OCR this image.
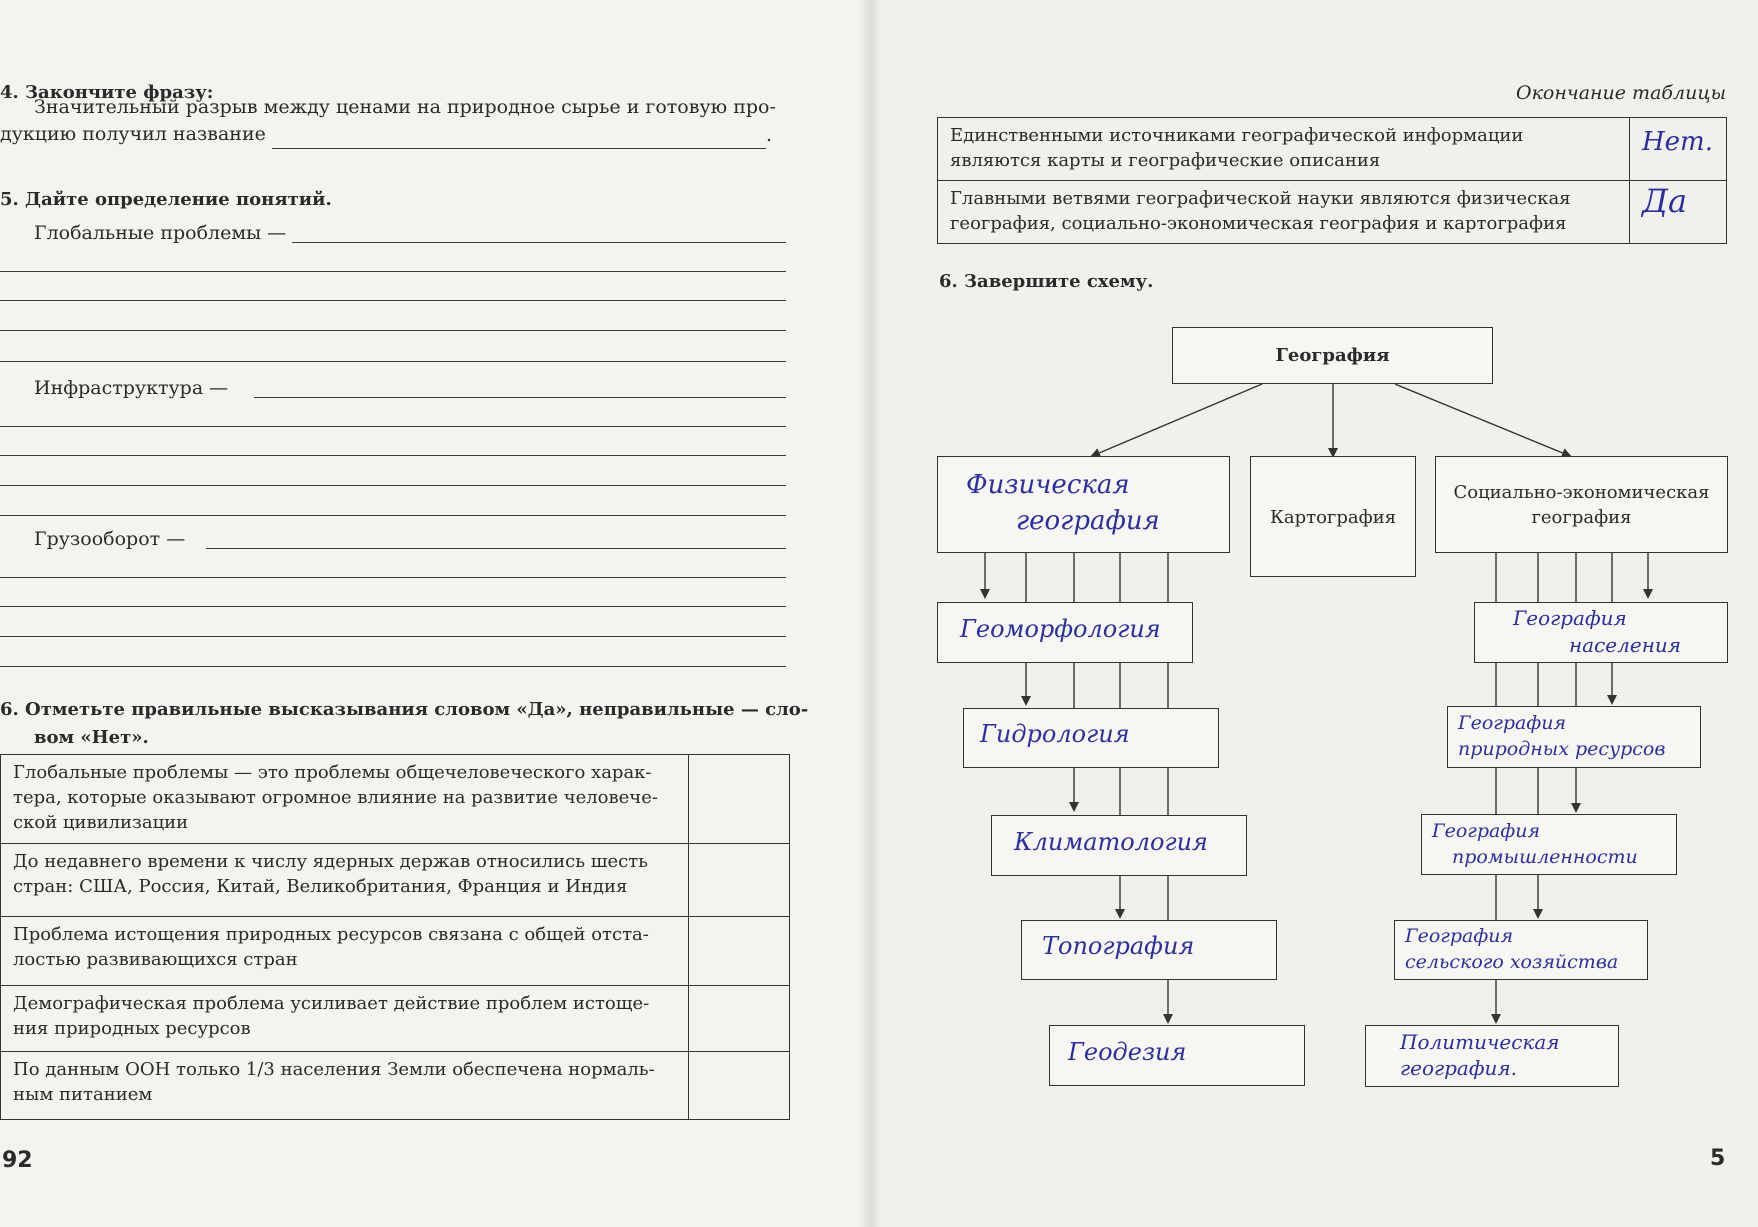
4. Закончите фразу:
Значительный разрыв между ценами на природное сырье и готовую про-
дукцию получил название	.
5. Дайте определение понятий.
Глобальные проблемы —
Инфраструктура —
Грузооборот —
6. Отметьте правильные высказывания словом «Да», неправильные — сло-
вом «Нет».
Глобальные проблемы — это проблемы общечеловеческого харак-
тера, которые оказывают огромное влияние на развитие человече-
ской цивилизации	

До недавнего времени к числу ядерных держав относились шесть
стран: США, Россия, Китай, Великобритания, Франция и Индия	

Проблема истощения природных ресурсов связана с общей отста-
лостью развивающихся стран	

Демографическая проблема усиливает действие проблем истоще-
ния природных ресурсов	

По данным ООН только 1/3 населения Земли обеспечена нормаль-
ным питанием	

92
Окончание таблицы
Единственными источниками географической информации
являются карты и географические описания	Нет.

Главными ветвями географической науки являются физическая
география, социально-экономическая география и картография	Да
6. Завершите схему.
География
Физическая
география	Картография
Социально-экономическая
география
Геоморфология
Гидрология
Климатология
Топография
Геодезия
География
населения
География
природных ресурсов
География
промышленности
География
сельского хозяйства
Политическая
география.
5
